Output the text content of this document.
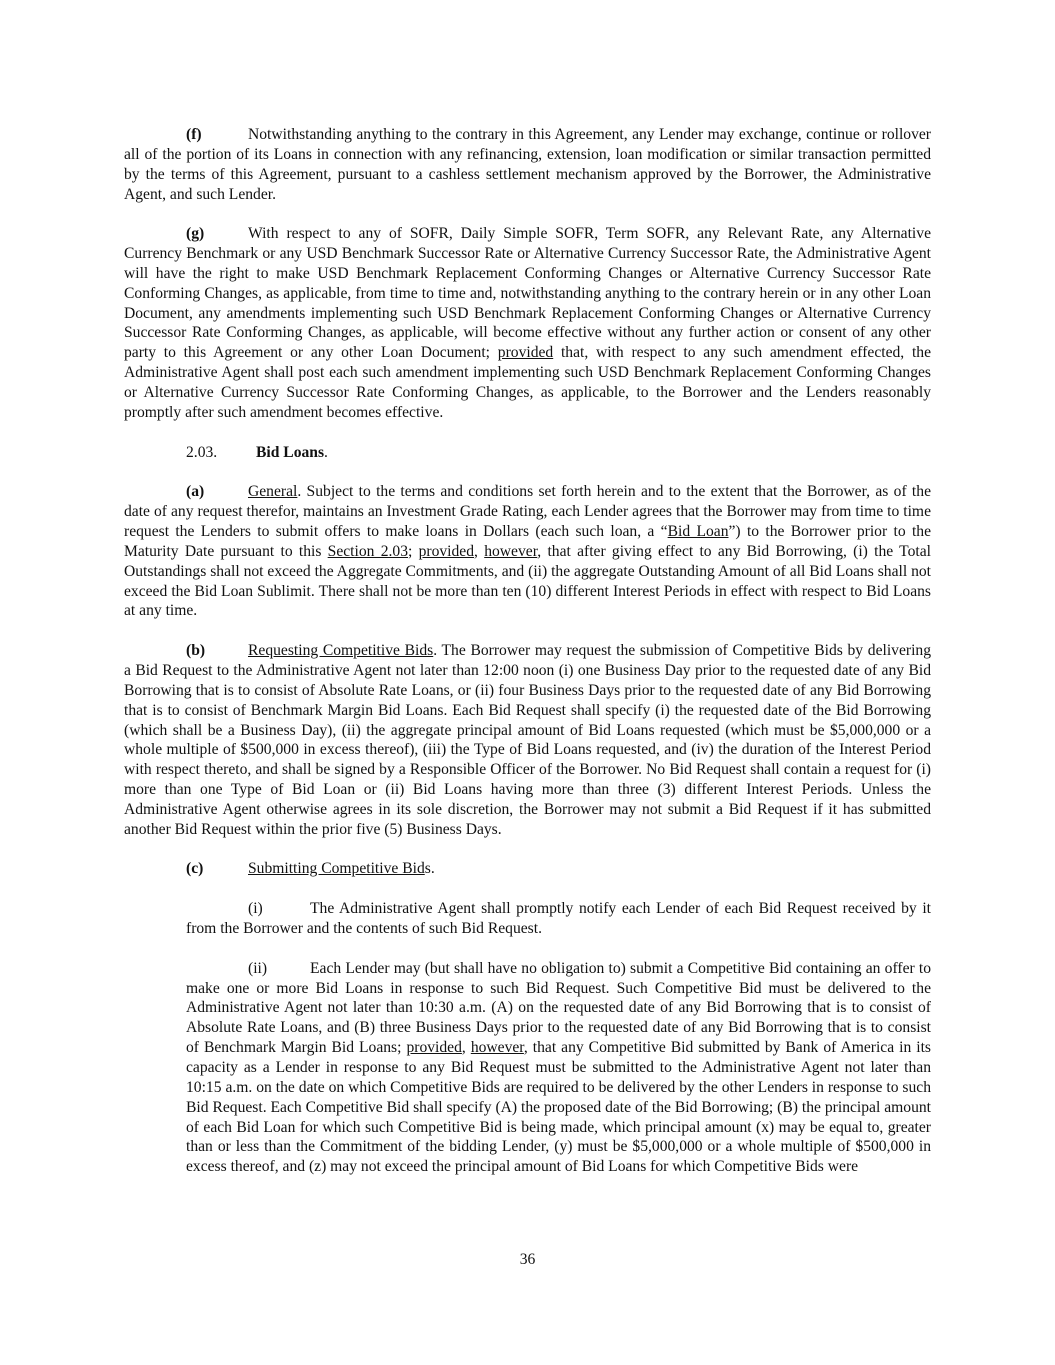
(f)	Notwithstanding anything to the contrary in this Agreement, any Lender may exchange, continue or rollover all of the portion of its Loans in connection with any refinancing, extension, loan modification or similar transaction permitted by the terms of this Agreement, pursuant to a cashless settlement mechanism approved by the Borrower, the Administrative Agent, and such Lender.

(g)	With respect to any of SOFR, Daily Simple SOFR, Term SOFR, any Relevant Rate, any Alternative Currency Benchmark or any USD Benchmark Successor Rate or Alternative Currency Successor Rate, the Administrative Agent will have the right to make USD Benchmark Replacement Conforming Changes or Alternative Currency Successor Rate Conforming Changes, as applicable, from time to time and, notwithstanding anything to the contrary herein or in any other Loan Document, any amendments implementing such USD Benchmark Replacement Conforming Changes or Alternative Currency Successor Rate Conforming Changes, as applicable, will become effective without any further action or consent of any other party to this Agreement or any other Loan Document; provided that, with respect to any such amendment effected, the Administrative Agent shall post each such amendment implementing such USD Benchmark Replacement Conforming Changes or Alternative Currency Successor Rate Conforming Changes, as applicable, to the Borrower and the Lenders reasonably promptly after such amendment becomes effective.

2.03. Bid Loans.

(a)	General. Subject to the terms and conditions set forth herein and to the extent that the Borrower, as of the date of any request therefor, maintains an Investment Grade Rating, each Lender agrees that the Borrower may from time to time request the Lenders to submit offers to make loans in Dollars (each such loan, a “Bid Loan”) to the Borrower prior to the Maturity Date pursuant to this Section 2.03; provided, however, that after giving effect to any Bid Borrowing, (i) the Total Outstandings shall not exceed the Aggregate Commitments, and (ii) the aggregate Outstanding Amount of all Bid Loans shall not exceed the Bid Loan Sublimit. There shall not be more than ten (10) different Interest Periods in effect with respect to Bid Loans at any time.

(b)	Requesting Competitive Bids. The Borrower may request the submission of Competitive Bids by delivering a Bid Request to the Administrative Agent not later than 12:00 noon (i) one Business Day prior to the requested date of any Bid Borrowing that is to consist of Absolute Rate Loans, or (ii) four Business Days prior to the requested date of any Bid Borrowing that is to consist of Benchmark Margin Bid Loans. Each Bid Request shall specify (i) the requested date of the Bid Borrowing (which shall be a Business Day), (ii) the aggregate principal amount of Bid Loans requested (which must be $5,000,000 or a whole multiple of $500,000 in excess thereof), (iii) the Type of Bid Loans requested, and (iv) the duration of the Interest Period with respect thereto, and shall be signed by a Responsible Officer of the Borrower. No Bid Request shall contain a request for (i) more than one Type of Bid Loan or (ii) Bid Loans having more than three (3) different Interest Periods. Unless the Administrative Agent otherwise agrees in its sole discretion, the Borrower may not submit a Bid Request if it has submitted another Bid Request within the prior five (5) Business Days.

(c)	Submitting Competitive Bids.

(i)	The Administrative Agent shall promptly notify each Lender of each Bid Request received by it from the Borrower and the contents of such Bid Request.

(ii)	Each Lender may (but shall have no obligation to) submit a Competitive Bid containing an offer to make one or more Bid Loans in response to such Bid Request. Such Competitive Bid must be delivered to the Administrative Agent not later than 10:30 a.m. (A) on the requested date of any Bid Borrowing that is to consist of Absolute Rate Loans, and (B) three Business Days prior to the requested date of any Bid Borrowing that is to consist of Benchmark Margin Bid Loans; provided, however, that any Competitive Bid submitted by Bank of America in its capacity as a Lender in response to any Bid Request must be submitted to the Administrative Agent not later than 10:15 a.m. on the date on which Competitive Bids are required to be delivered by the other Lenders in response to such Bid Request. Each Competitive Bid shall specify (A) the proposed date of the Bid Borrowing; (B) the principal amount of each Bid Loan for which such Competitive Bid is being made, which principal amount (x) may be equal to, greater than or less than the Commitment of the bidding Lender, (y) must be $5,000,000 or a whole multiple of $500,000 in excess thereof, and (z) may not exceed the principal amount of Bid Loans for which Competitive Bids were

36
